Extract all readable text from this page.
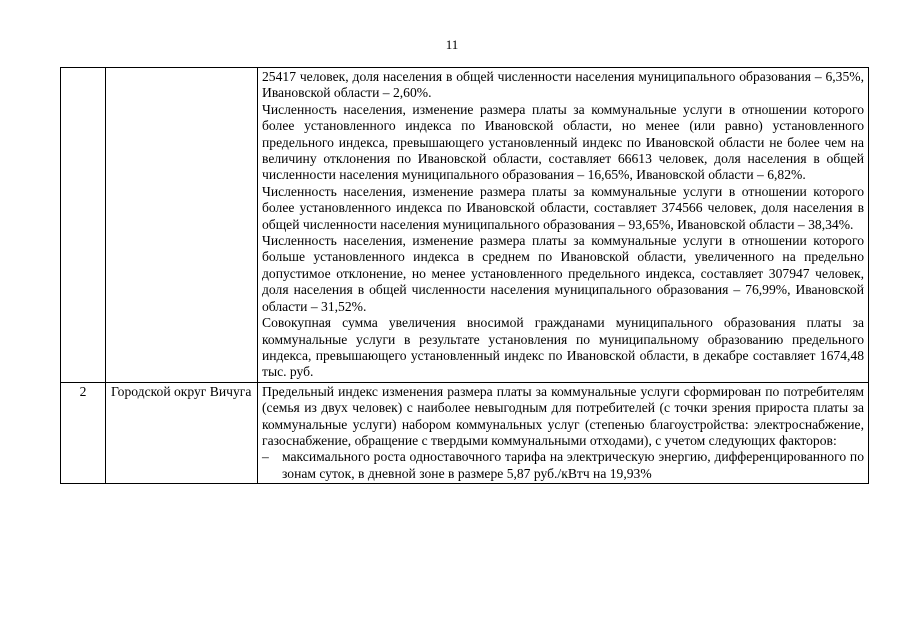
11

		25417 человек, доля населения в общей численности населения муниципального образования – 6,35%, Ивановской области – 2,60%.

Численность населения, изменение размера платы за коммунальные услуги в отношении которого более установленного индекса по Ивановской области, но менее (или равно) установленного предельного индекса, превышающего установленный индекс по Ивановской области не более чем на величину отклонения по Ивановской области, составляет 66613 человек, доля населения в общей численности населения муниципального образования – 16,65%, Ивановской области – 6,82%.

Численность населения, изменение размера платы за коммунальные услуги в отношении которого более установленного индекса по Ивановской области, составляет 374566 человек, доля населения в общей численности населения муниципального образования – 93,65%, Ивановской области – 38,34%.

Численность населения, изменение размера платы за коммунальные услуги в отношении которого больше установленного индекса в среднем по Ивановской области, увеличенного на предельно допустимое отклонение, но менее установленного предельного индекса, составляет 307947 человек, доля населения в общей численности населения муниципального образования – 76,99%, Ивановской области – 31,52%.

Совокупная сумма увеличения вносимой гражданами муниципального образования платы за коммунальные услуги в результате установления по муниципальному образованию предельного индекса, превышающего установленный индекс по Ивановской области, в декабре составляет 1674,48 тыс. руб.

2	Городской округ Вичуга	Предельный индекс изменения размера платы за коммунальные услуги сформирован по потребителям (семья из двух человек) с наиболее невыгодным для потребителей (с точки зрения прироста платы за коммунальные услуги) набором коммунальных услуг (степенью благоустройства: электроснабжение, газоснабжение, обращение с твердыми коммунальными отходами), с учетом следующих факторов:

– максимального роста одноставочного тарифа на электрическую энергию, дифференцированного по зонам суток, в дневной зоне в размере 5,87 руб./кВтч на 19,93%
